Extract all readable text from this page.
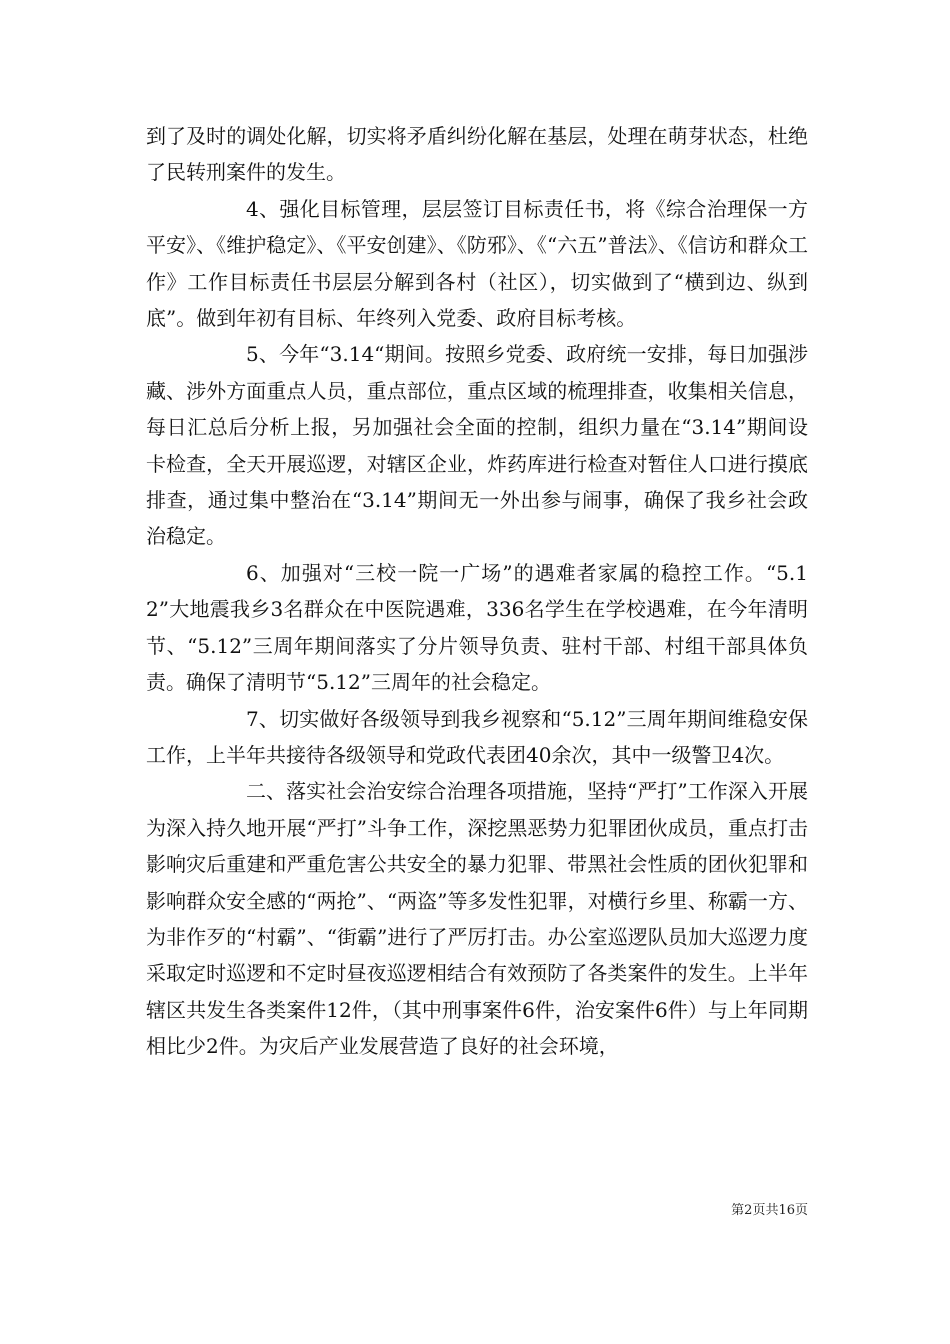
到了及时的调处化解，切实将矛盾纠纷化解在基层，处理在萌芽状态，杜绝了民转刑案件的发生。

4、强化目标管理，层层签订目标责任书，将《综合治理保一方平安》、《维护稳定》、《平安创建》、《防邪》、《“六五”普法》、《信访和群众工作》工作目标责任书层层分解到各村（社区），切实做到了“横到边、纵到底”。做到年初有目标、年终列入党委、政府目标考核。

5、今年“3.14“期间。按照乡党委、政府统一安排，每日加强涉藏、涉外方面重点人员，重点部位，重点区域的梳理排查，收集相关信息，每日汇总后分析上报，另加强社会全面的控制，组织力量在“3.14”期间设卡检查，全天开展巡逻，对辖区企业，炸药库进行检查对暂住人口进行摸底排查，通过集中整治在“3.14”期间无一外出参与闹事，确保了我乡社会政治稳定。

6、加强对“三校一院一广场”的遇难者家属的稳控工作。“5.12”大地震我乡3名群众在中医院遇难，336名学生在学校遇难，在今年清明节、“5.12”三周年期间落实了分片领导负责、驻村干部、村组干部具体负责。确保了清明节“5.12”三周年的社会稳定。

7、切实做好各级领导到我乡视察和“5.12”三周年期间维稳安保工作，上半年共接待各级领导和党政代表团40余次，其中一级警卫4次。

二、落实社会治安综合治理各项措施，坚持“严打”工作深入开展为深入持久地开展“严打”斗争工作，深挖黑恶势力犯罪团伙成员，重点打击影响灾后重建和严重危害公共安全的暴力犯罪、带黑社会性质的团伙犯罪和影响群众安全感的“两抢”、“两盗”等多发性犯罪，对横行乡里、称霸一方、为非作歹的“村霸”、“街霸”进行了严厉打击。办公室巡逻队员加大巡逻力度采取定时巡逻和不定时昼夜巡逻相结合有效预防了各类案件的发生。上半年辖区共发生各类案件12件，（其中刑事案件6件，治安案件6件）与上年同期相比少2件。为灾后产业发展营造了良好的社会环境，

第2页共16页
